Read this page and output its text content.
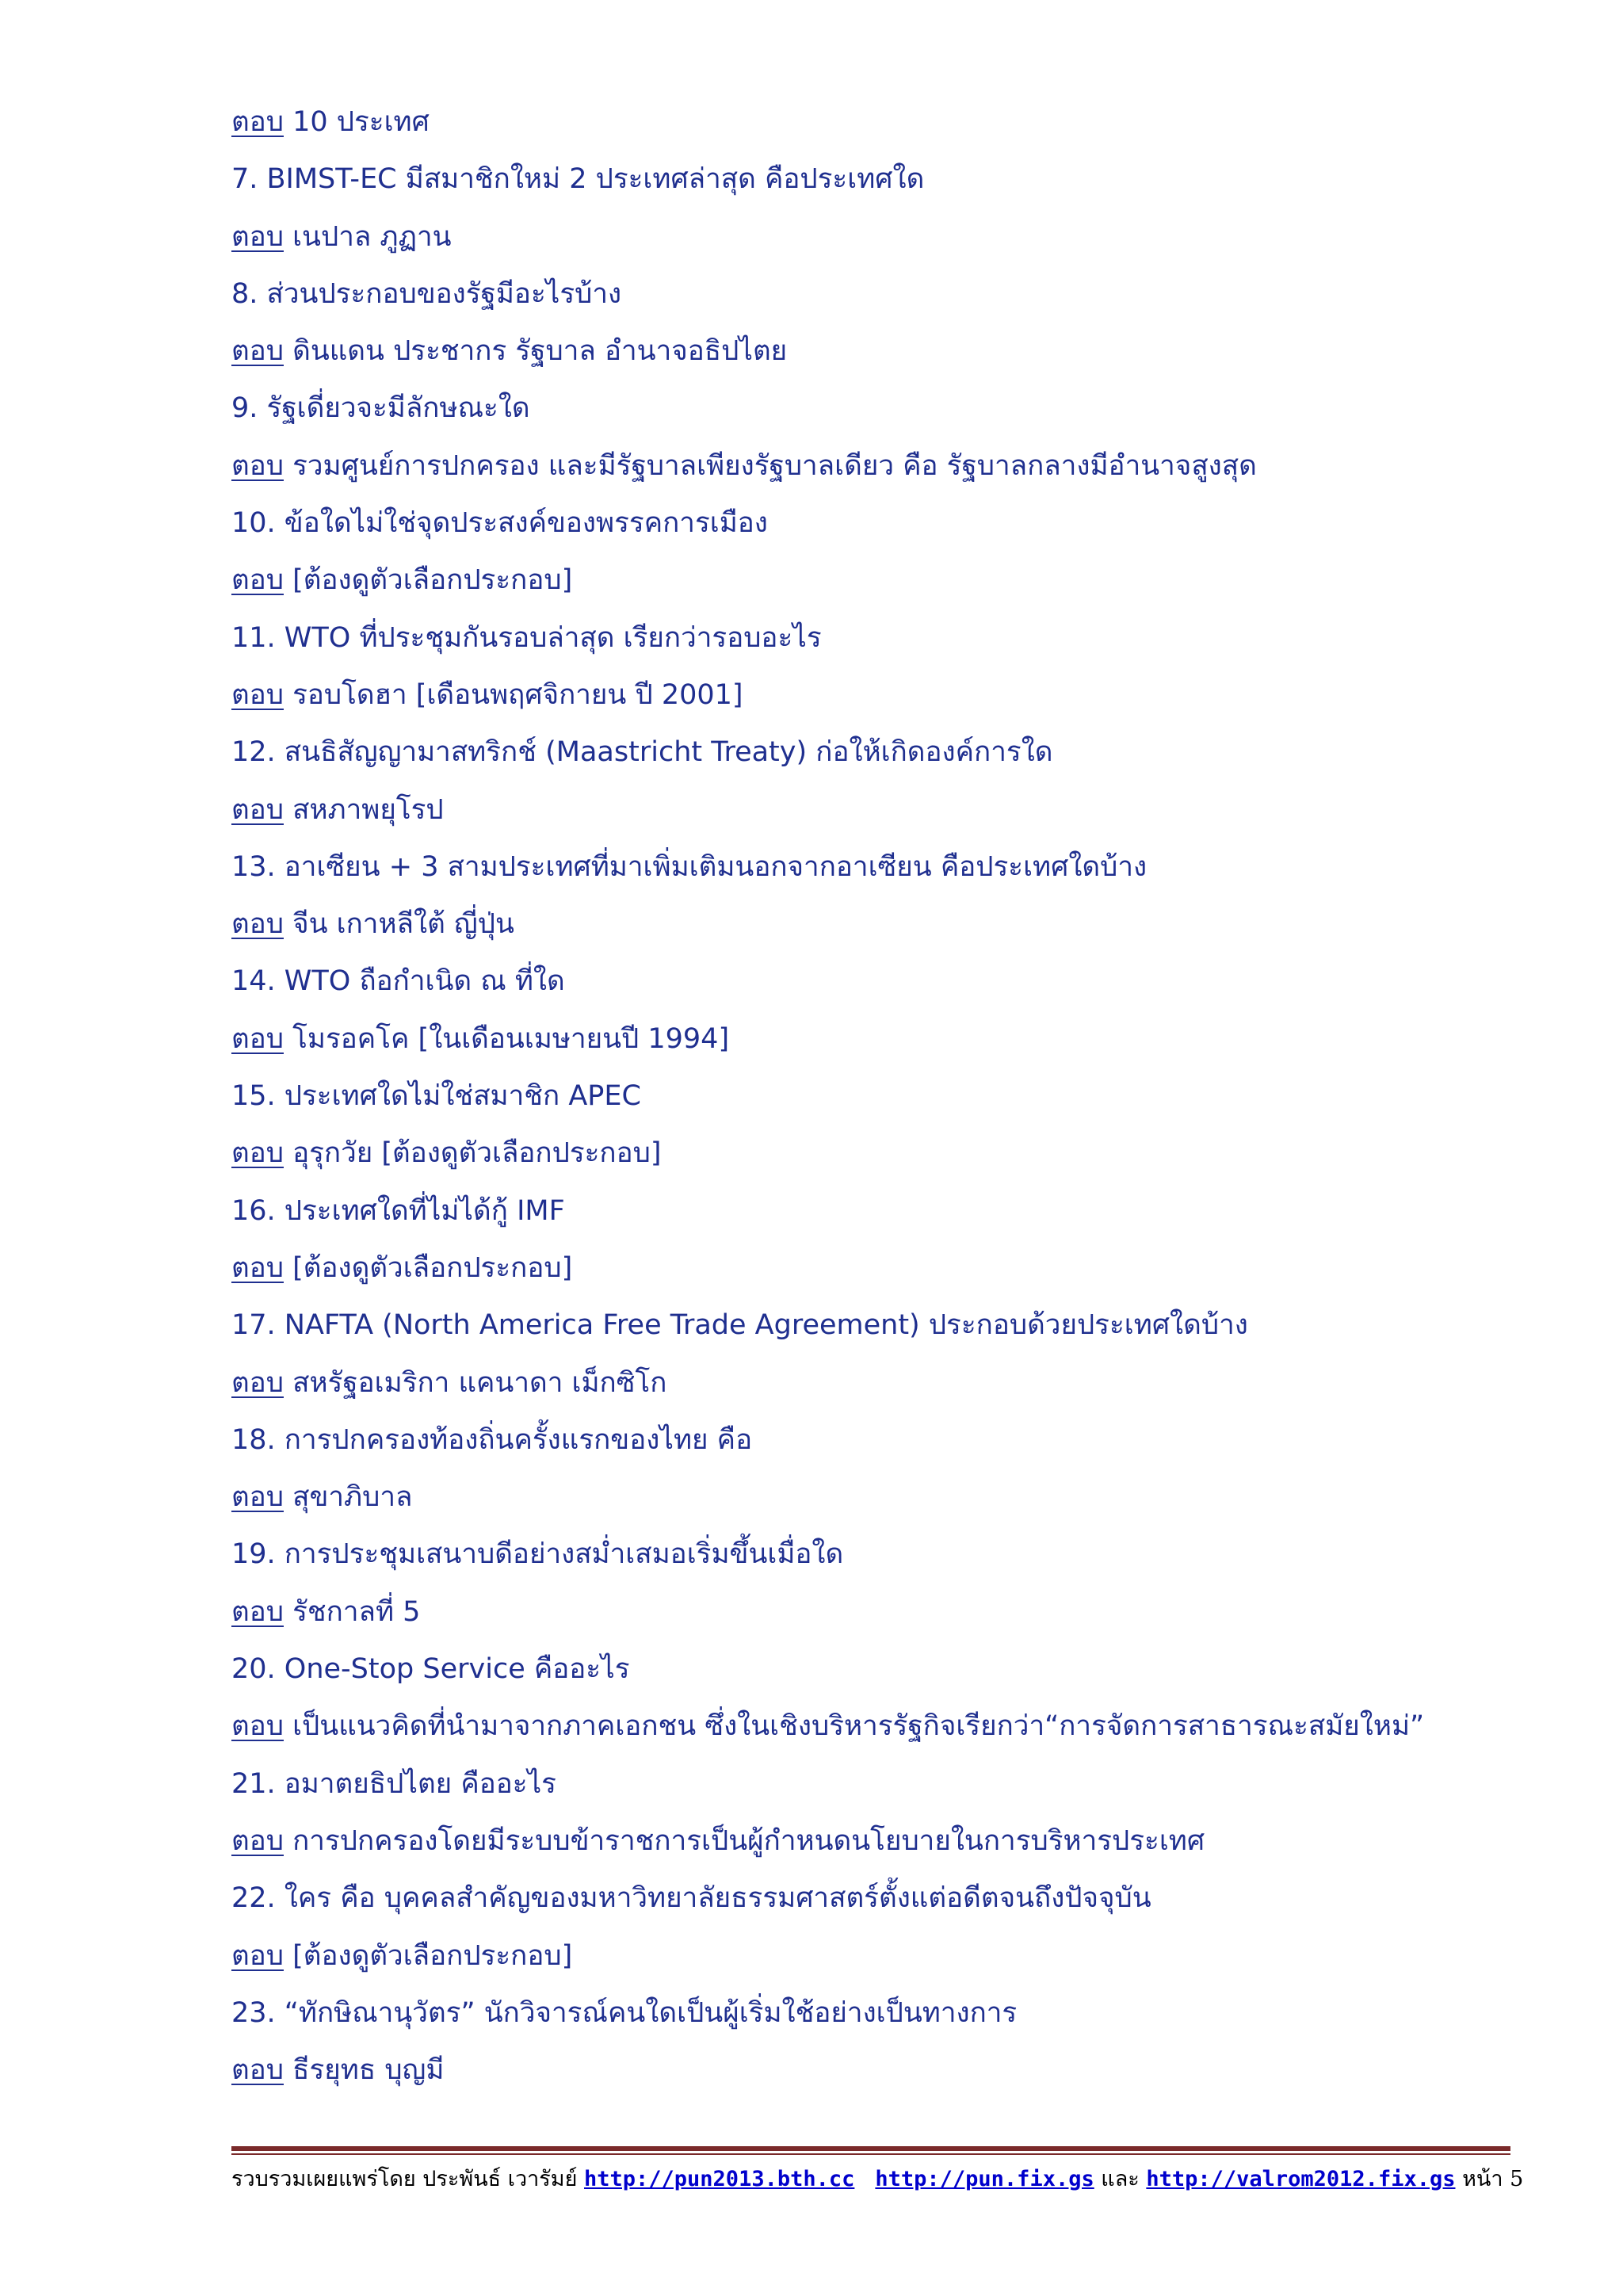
ตอบ 10 ประเทศ
7. BIMST-EC มีสมาชิกใหม่ 2 ประเทศล่าสุด คือประเทศใด
ตอบ เนปาล ภูฏาน
8. ส่วนประกอบของรัฐมีอะไรบ้าง
ตอบ ดินแดน ประชากร รัฐบาล อำนาจอธิปไตย
9. รัฐเดี่ยวจะมีลักษณะใด
ตอบ รวมศูนย์การปกครอง และมีรัฐบาลเพียงรัฐบาลเดียว คือ รัฐบาลกลางมีอำนาจสูงสุด
10. ข้อใดไม่ใช่จุดประสงค์ของพรรคการเมือง
ตอบ [ต้องดูตัวเลือกประกอบ]
11. WTO ที่ประชุมกันรอบล่าสุด เรียกว่ารอบอะไร
ตอบ รอบโดฮา [เดือนพฤศจิกายน ปี 2001]
12. สนธิสัญญามาสทริกช์ (Maastricht Treaty) ก่อให้เกิดองค์การใด
ตอบ สหภาพยุโรป
13. อาเซียน + 3 สามประเทศที่มาเพิ่มเติมนอกจากอาเซียน คือประเทศใดบ้าง
ตอบ จีน เกาหลีใต้ ญี่ปุ่น
14. WTO ถือกำเนิด ณ ที่ใด
ตอบ โมรอคโค [ในเดือนเมษายนปี 1994]
15. ประเทศใดไม่ใช่สมาชิก APEC
ตอบ อุรุกวัย [ต้องดูตัวเลือกประกอบ]
16. ประเทศใดที่ไม่ได้กู้ IMF
ตอบ [ต้องดูตัวเลือกประกอบ]
17. NAFTA (North America Free Trade Agreement) ประกอบด้วยประเทศใดบ้าง
ตอบ สหรัฐอเมริกา แคนาดา เม็กซิโก
18. การปกครองท้องถิ่นครั้งแรกของไทย คือ
ตอบ สุขาภิบาล
19. การประชุมเสนาบดีอย่างสม่ำเสมอเริ่มขึ้นเมื่อใด
ตอบ รัชกาลที่ 5
20. One-Stop Service คืออะไร
ตอบ เป็นแนวคิดที่นำมาจากภาคเอกชน ซึ่งในเชิงบริหารรัฐกิจเรียกว่า“การจัดการสาธารณะสมัยใหม่”
21. อมาตยธิปไตย คืออะไร
ตอบ การปกครองโดยมีระบบข้าราชการเป็นผู้กำหนดนโยบายในการบริหารประเทศ
22. ใคร คือ บุคคลสำคัญของมหาวิทยาลัยธรรมศาสตร์ตั้งแต่อดีตจนถึงปัจจุบัน
ตอบ [ต้องดูตัวเลือกประกอบ]
23. “ทักษิณานุวัตร” นักวิจารณ์คนใดเป็นผู้เริ่มใช้อย่างเป็นทางการ
ตอบ ธีรยุทธ บุญมี
รวบรวมเผยแพร่โดย ประพันธ์ เวารัมย์ http://pun2013.bth.cc http://pun.fix.gs และ http://valrom2012.fix.gs หน้า 5
